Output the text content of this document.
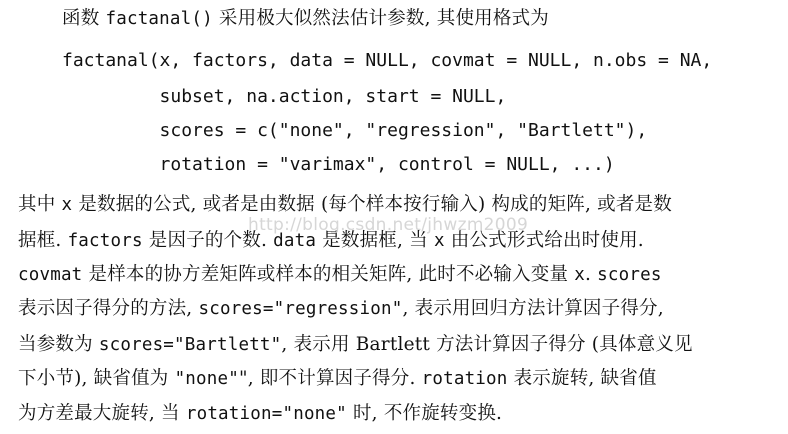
函数 factanal() 采用极大似然法估计参数, 其使用格式为
factanal(x, factors, data = NULL, covmat = NULL, n.obs = NA,
subset, na.action, start = NULL,
scores = c("none", "regression", "Bartlett"),
rotation = "varimax", control = NULL, ...)
其中 x 是数据的公式, 或者是由数据 (每个样本按行输入) 构成的矩阵, 或者是数
据框. factors 是因子的个数. data 是数据框, 当 x 由公式形式给出时使用.
covmat 是样本的协方差矩阵或样本的相关矩阵, 此时不必输入变量 x. scores
表示因子得分的方法, scores="regression", 表示用回归方法计算因子得分,
当参数为 scores="Bartlett", 表示用 Bartlett 方法计算因子得分 (具体意义见
下小节), 缺省值为 "none"", 即不计算因子得分. rotation 表示旋转, 缺省值
为方差最大旋转, 当 rotation="none" 时, 不作旋转变换.
http://blog.csdn.net/jhwzm2009
